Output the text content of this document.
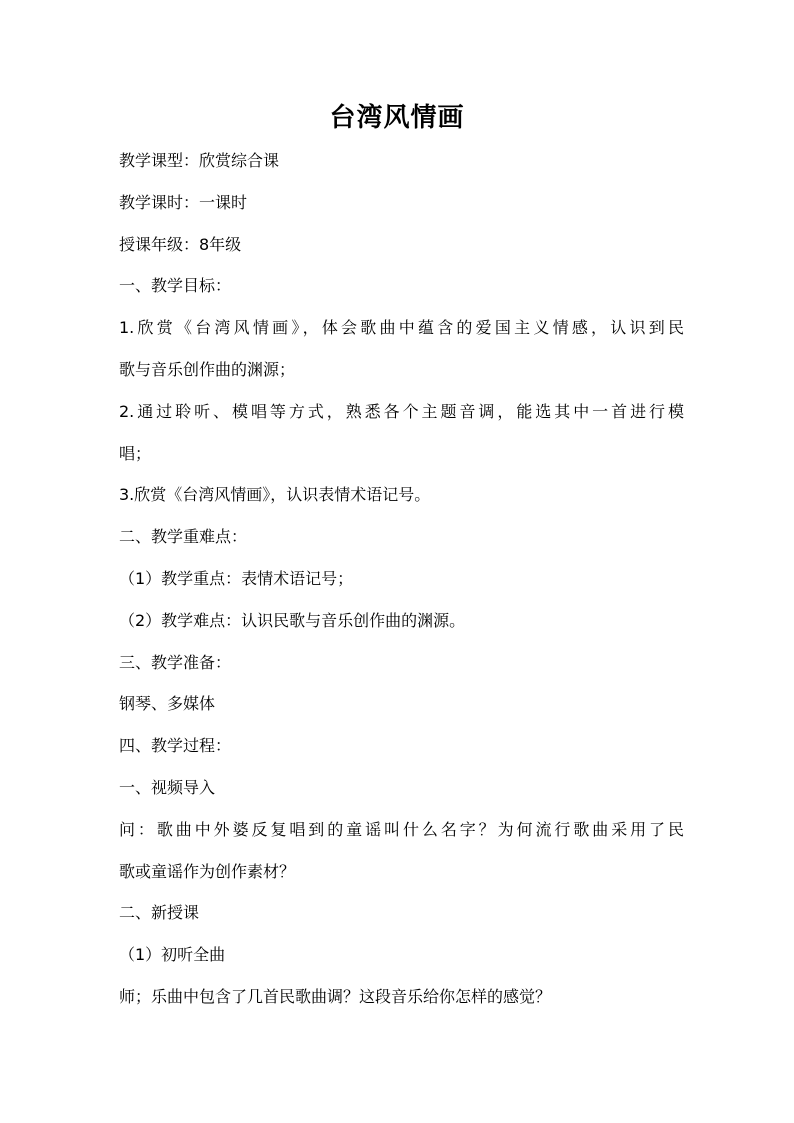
台湾风情画
教学课型：欣赏综合课
教学课时：一课时
授课年级：8年级
一、教学目标：
1.欣赏《台湾风情画》，体会歌曲中蕴含的爱国主义情感，认识到民
歌与音乐创作曲的渊源；
2.通过聆听、模唱等方式，熟悉各个主题音调，能选其中一首进行模
唱；
3.欣赏《台湾风情画》，认识表情术语记号。
二、教学重难点：
（1）教学重点：表情术语记号；
（2）教学难点：认识民歌与音乐创作曲的渊源。
三、教学准备：
钢琴、多媒体
四、教学过程：
一、视频导入
问：歌曲中外婆反复唱到的童谣叫什么名字？为何流行歌曲采用了民
歌或童谣作为创作素材？
二、新授课
（1）初听全曲
师；乐曲中包含了几首民歌曲调？这段音乐给你怎样的感觉？
